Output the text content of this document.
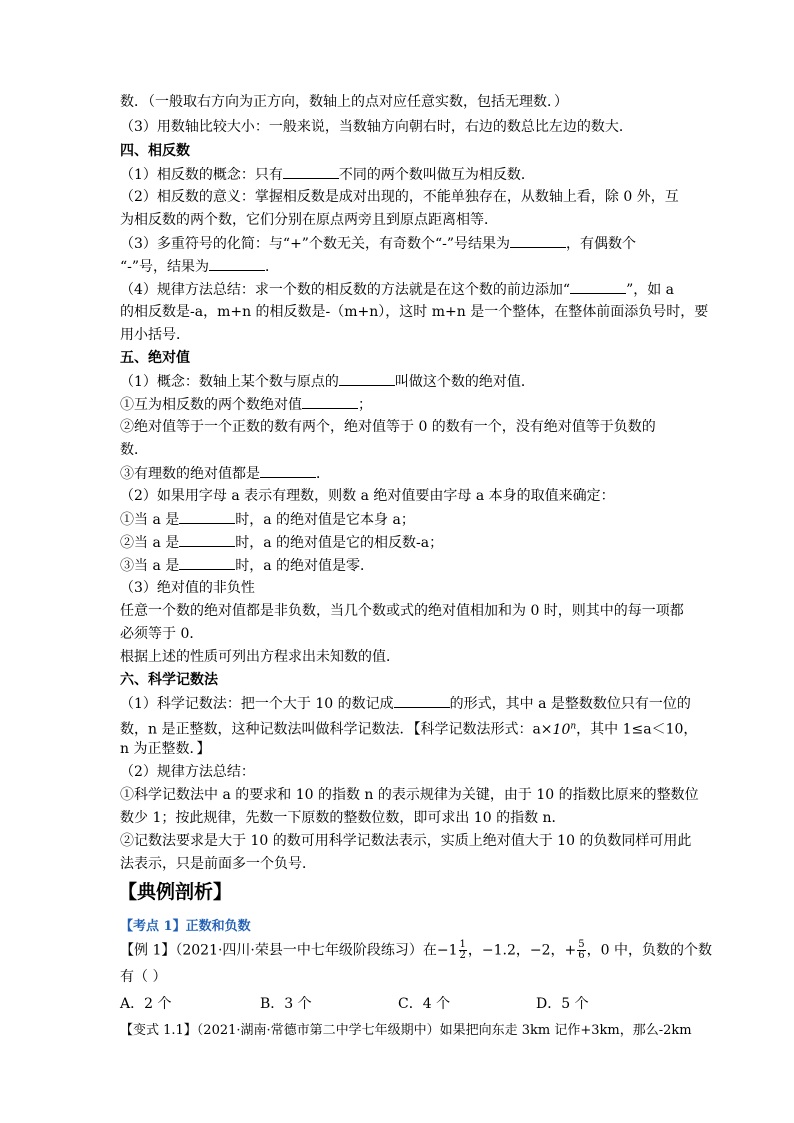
数．（一般取右方向为正方向，数轴上的点对应任意实数，包括无理数．）
（3）用数轴比较大小：一般来说，当数轴方向朝右时，右边的数总比左边的数大．
四、相反数
（1）相反数的概念：只有	不同的两个数叫做互为相反数．
（2）相反数的意义：掌握相反数是成对出现的，不能单独存在，从数轴上看，除 0 外，互
为相反数的两个数，它们分别在原点两旁且到原点距离相等．
（3）多重符号的化简：与“+”个数无关，有奇数个“-”号结果为	，有偶数个
“-”号，结果为	．
（4）规律方法总结：求一个数的相反数的方法就是在这个数的前边添加“	”，如 a
的相反数是-a，m+n 的相反数是-（m+n），这时 m+n 是一个整体，在整体前面添负号时，要
用小括号．
五、绝对值
（1）概念：数轴上某个数与原点的	叫做这个数的绝对值．
①互为相反数的两个数绝对值	；
②绝对值等于一个正数的数有两个，绝对值等于 0 的数有一个，没有绝对值等于负数的
数．
③有理数的绝对值都是	．
（2）如果用字母 a 表示有理数，则数 a 绝对值要由字母 a 本身的取值来确定：
①当 a 是	时，a 的绝对值是它本身 a；
②当 a 是	时，a 的绝对值是它的相反数-a；
③当 a 是	时，a 的绝对值是零．
（3）绝对值的非负性
任意一个数的绝对值都是非负数，当几个数或式的绝对值相加和为 0 时，则其中的每一项都
必须等于 0．
根据上述的性质可列出方程求出未知数的值．
六、科学记数法
（1）科学记数法：把一个大于 10 的数记成	的形式，其中 a 是整数数位只有一位的
数，n 是正整数，这种记数法叫做科学记数法．【科学记数法形式：$a\times 10^n$，其中 1≤a＜10，
n 为正整数．】
（2）规律方法总结：
①科学记数法中 a 的要求和 10 的指数 n 的表示规律为关键，由于 10 的指数比原来的整数位
数少 1；按此规律，先数一下原数的整数位数，即可求出 10 的指数 n．
②记数法要求是大于 10 的数可用科学记数法表示，实质上绝对值大于 10 的负数同样可用此
法表示，只是前面多一个负号．
【典例剖析】
【考点 1】正数和负数
【例 1】（2021·四川·荣县一中七年级阶段练习）在$-1 \frac{1}{2}$ ，−1.2，−2，+ $\frac{5}{6}$ ，0 中，负数的个数
有（ ）
A．2 个	B．3 个	C．4 个	D．5 个
【变式 1.1】（2021·湖南·常德市第二中学七年级期中）如果把向东走 3km 记作+3km，那么-2km
